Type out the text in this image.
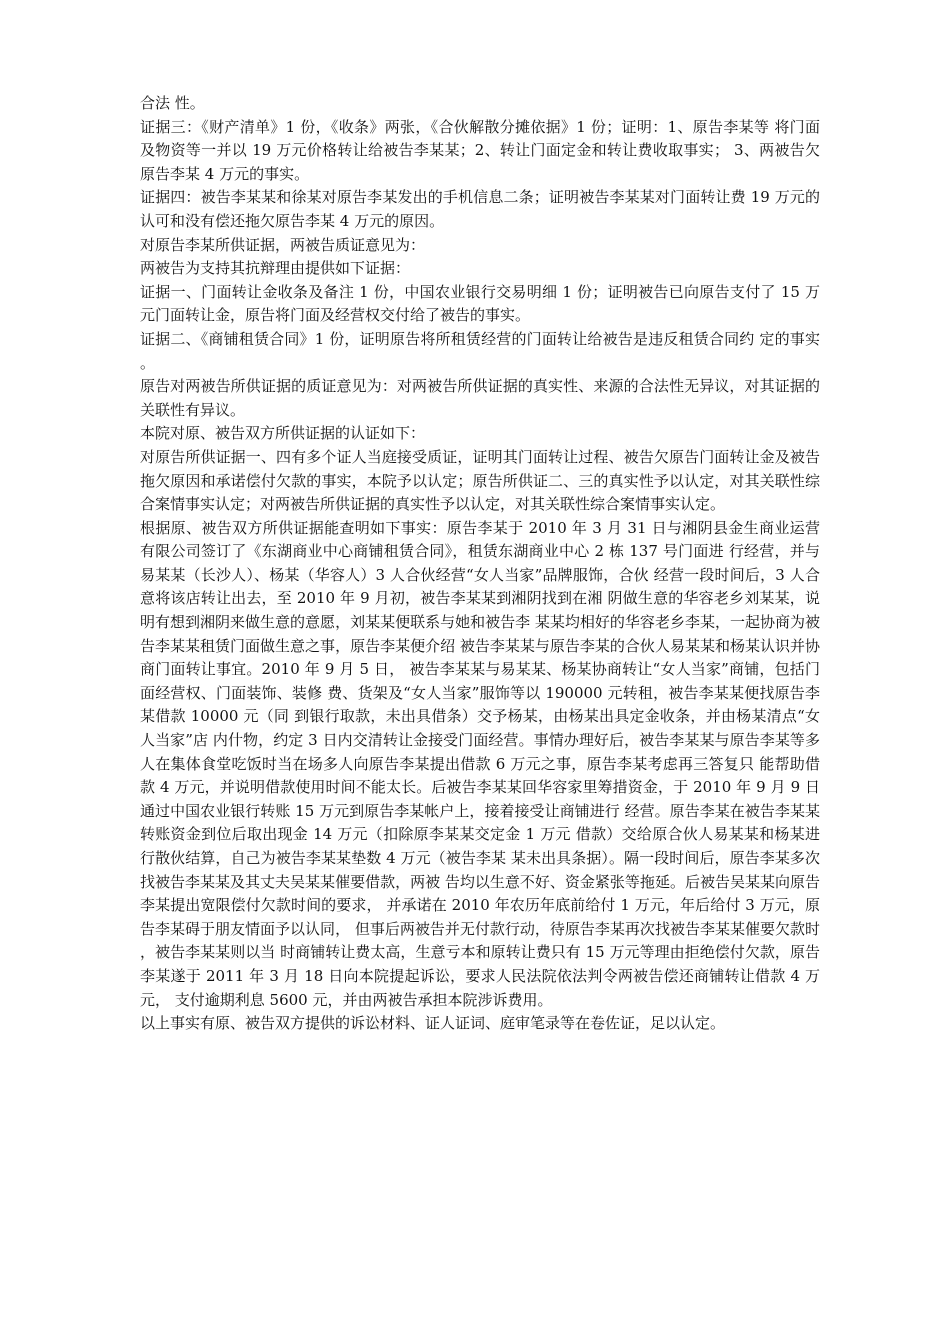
合法 性。

证据三：《财产清单》1 份，《收条》两张，《合伙解散分摊依据》1 份；证明：1、原告李某等 将门面及物资等一并以 19 万元价格转让给被告李某某；2、转让门面定金和转让费收取事实； 3、两被告欠原告李某 4 万元的事实。

证据四：被告李某某和徐某对原告李某发出的手机信息二条；证明被告李某某对门面转让费 19 万元的认可和没有偿还拖欠原告李某 4 万元的原因。

对原告李某所供证据，两被告质证意见为：

两被告为支持其抗辩理由提供如下证据：

证据一、门面转让金收条及备注 1 份，中国农业银行交易明细 1 份；证明被告已向原告支付了 15 万元门面转让金，原告将门面及经营权交付给了被告的事实。

证据二、《商铺租赁合同》1 份，证明原告将所租赁经营的门面转让给被告是违反租赁合同约 定的事实。

原告对两被告所供证据的质证意见为：对两被告所供证据的真实性、来源的合法性无异议，对其证据的关联性有异议。

本院对原、被告双方所供证据的认证如下：

对原告所供证据一、四有多个证人当庭接受质证，证明其门面转让过程、被告欠原告门面转让金及被告拖欠原因和承诺偿付欠款的事实，本院予以认定；原告所供证二、三的真实性予以认定，对其关联性综合案情事实认定；对两被告所供证据的真实性予以认定，对其关联性综合案情事实认定。

根据原、被告双方所供证据能查明如下事实：原告李某于 2010 年 3 月 31 日与湘阴县金生商业运营有限公司签订了《东湖商业中心商铺租赁合同》，租赁东湖商业中心 2 栋 137 号门面进 行经营，并与易某某（长沙人）、杨某（华容人）3 人合伙经营“女人当家”品牌服饰，合伙 经营一段时间后，3 人合意将该店转让出去，至 2010 年 9 月初，被告李某某到湘阴找到在湘 阴做生意的华容老乡刘某某，说明有想到湘阴来做生意的意愿，刘某某便联系与她和被告李 某某均相好的华容老乡李某，一起协商为被告李某某租赁门面做生意之事，原告李某便介绍 被告李某某与原告李某的合伙人易某某和杨某认识并协商门面转让事宜。2010 年 9 月 5 日， 被告李某某与易某某、杨某协商转让“女人当家”商铺，包括门面经营权、门面装饰、装修 费、货架及“女人当家”服饰等以 190000 元转租，被告李某某便找原告李某借款 10000 元（同 到银行取款，未出具借条）交予杨某，由杨某出具定金收条，并由杨某清点“女人当家”店 内什物，约定 3 日内交清转让金接受门面经营。事情办理好后，被告李某某与原告李某等多 人在集体食堂吃饭时当在场多人向原告李某提出借款 6 万元之事，原告李某考虑再三答复只 能帮助借款 4 万元，并说明借款使用时间不能太长。后被告李某某回华容家里筹措资金，于 2010 年 9 月 9 日通过中国农业银行转账 15 万元到原告李某帐户上，接着接受让商铺进行 经营。原告李某在被告李某某转账资金到位后取出现金 14 万元（扣除原李某某交定金 1 万元 借款）交给原合伙人易某某和杨某进行散伙结算，自己为被告李某某垫数 4 万元（被告李某 某未出具条据）。隔一段时间后，原告李某多次找被告李某某及其丈夫吴某某催要借款，两被 告均以生意不好、资金紧张等拖延。后被告吴某某向原告李某提出宽限偿付欠款时间的要求， 并承诺在 2010 年农历年底前给付 1 万元，年后给付 3 万元，原告李某碍于朋友情面予以认同， 但事后两被告并无付款行动，待原告李某再次找被告李某某催要欠款时，被告李某某则以当 时商铺转让费太高，生意亏本和原转让费只有 15 万元等理由拒绝偿付欠款，原告李某遂于 2011 年 3 月 18 日向本院提起诉讼，要求人民法院依法判令两被告偿还商铺转让借款 4 万元， 支付逾期利息 5600 元，并由两被告承担本院涉诉费用。

以上事实有原、被告双方提供的诉讼材料、证人证词、庭审笔录等在卷佐证，足以认定。
